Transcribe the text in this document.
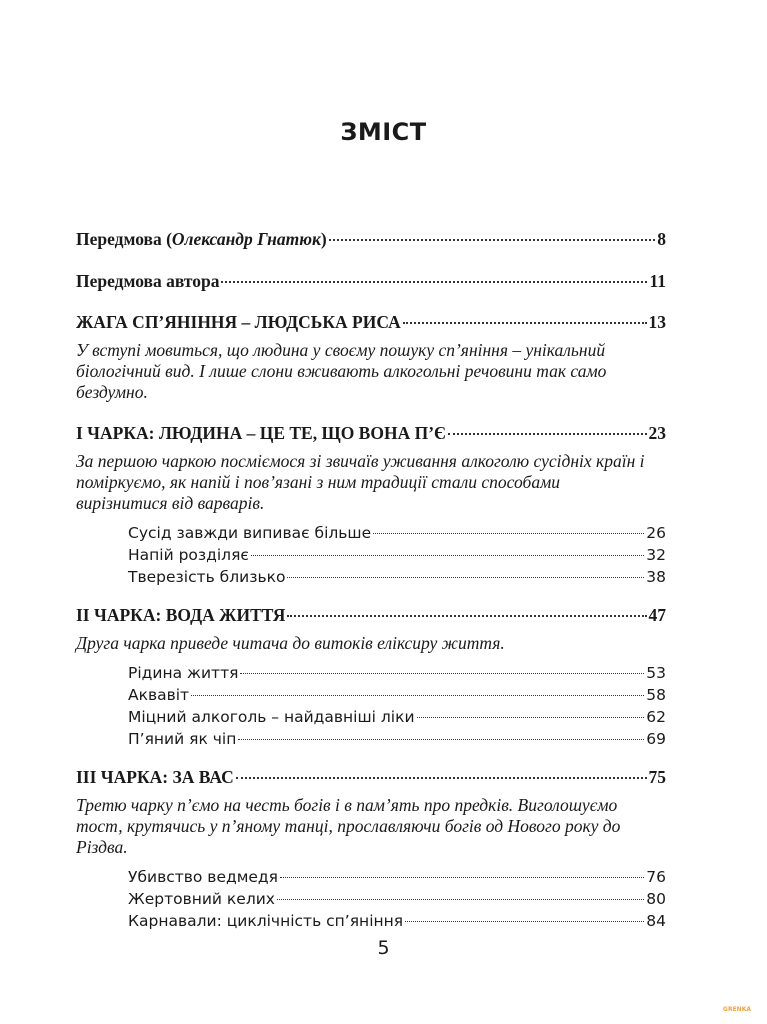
ЗМІСТ
Передмова (Олександр Гнатюк)	8
Передмова автора	11
ЖАГА СП’ЯНІННЯ – ЛЮДСЬКА РИСА	13
У вступі мовиться, що людина у своєму пошуку сп’яніння – унікальний біологічний вид. І лише слони вживають алкогольні речовини так само бездумно.
I ЧАРКА: ЛЮДИНА – ЦЕ ТЕ, ЩО ВОНА П’Є	23
За першою чаркою посміємося зі звичаїв уживання алкоголю сусідніх країн і поміркуємо, як напій і пов’язані з ним традиції стали способами вирізнитися від варварів.
Сусід завжди випиває більше	26
Напій розділяє	32
Тверезість близько	38
II ЧАРКА: ВОДА ЖИТТЯ	47
Друга чарка приведе читача до витоків еліксиру життя.
Рідина життя	53
Аквавіт	58
Міцний алкоголь – найдавніші ліки	62
П’яний як чіп	69
III ЧАРКА: ЗА ВАС	75
Третю чарку п’ємо на честь богів і в пам’ять про предків. Виголошуємо тост, крутячись у п’яному танці, прославляючи богів од Нового року до Різдва.
Убивство ведмедя	76
Жертовний келих	80
Карнавали: циклічність сп’яніння	84
5
GRENKA
